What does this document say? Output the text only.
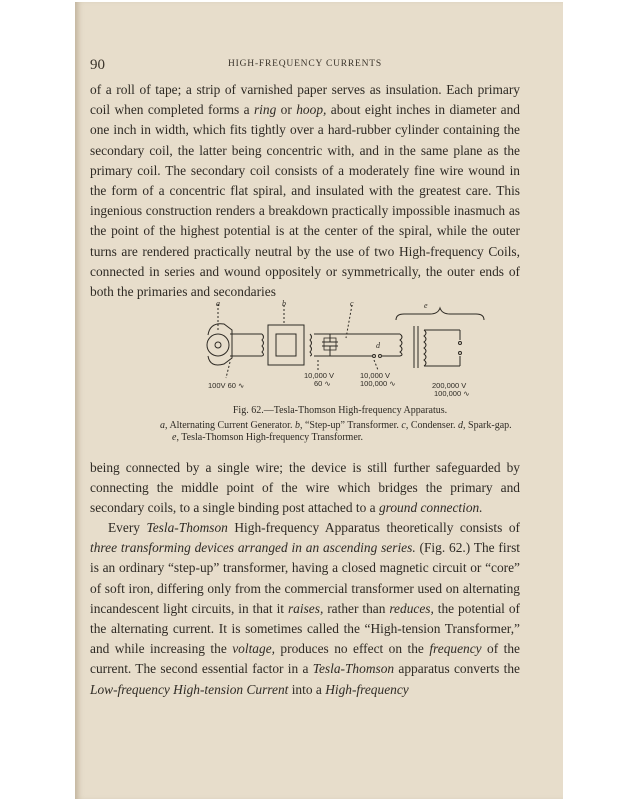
90	HIGH-FREQUENCY CURRENTS

of a roll of tape; a strip of varnished paper serves as insulation. Each primary coil when completed forms a ring or hoop, about eight inches in diameter and one inch in width, which fits tightly over a hard-rubber cylinder containing the secondary coil, the latter being concentric with, and in the same plane as the primary coil. The secondary coil consists of a moderately fine wire wound in the form of a concentric flat spiral, and insulated with the greatest care. This ingenious construction renders a breakdown practically impossible inasmuch as the point of the highest potential is at the center of the spiral, while the outer turns are rendered practically neutral by the use of two High-frequency Coils, connected in series and wound oppositely or symmetrically, the outer ends of both the primaries and secondaries

a	b	c
d
e
100V 60 ∿
10,000 V
60 ∿
10,000 V
100,000 ∿	200,000 V
100,000 ∿

Fig. 62.—Tesla-Thomson High-frequency Apparatus.

a, Alternating Current Generator. b, “Step-up” Transformer. c, Condenser. d, Spark-gap. e, Tesla-Thomson High-frequency Transformer.

being connected by a single wire; the device is still further safeguarded by connecting the middle point of the wire which bridges the primary and secondary coils, to a single binding post attached to a ground connection.

Every Tesla-Thomson High-frequency Apparatus theoretically consists of three transforming devices arranged in an ascending series. (Fig. 62.) The first is an ordinary “step-up” transformer, having a closed magnetic circuit or “core” of soft iron, differing only from the commercial transformer used on alternating incandescent light circuits, in that it raises, rather than reduces, the potential of the alternating current. It is sometimes called the “High-tension Transformer,” and while increasing the voltage, produces no effect on the frequency of the current. The second essential factor in a Tesla-Thomson apparatus converts the Low-frequency High-tension Current into a High-frequency
